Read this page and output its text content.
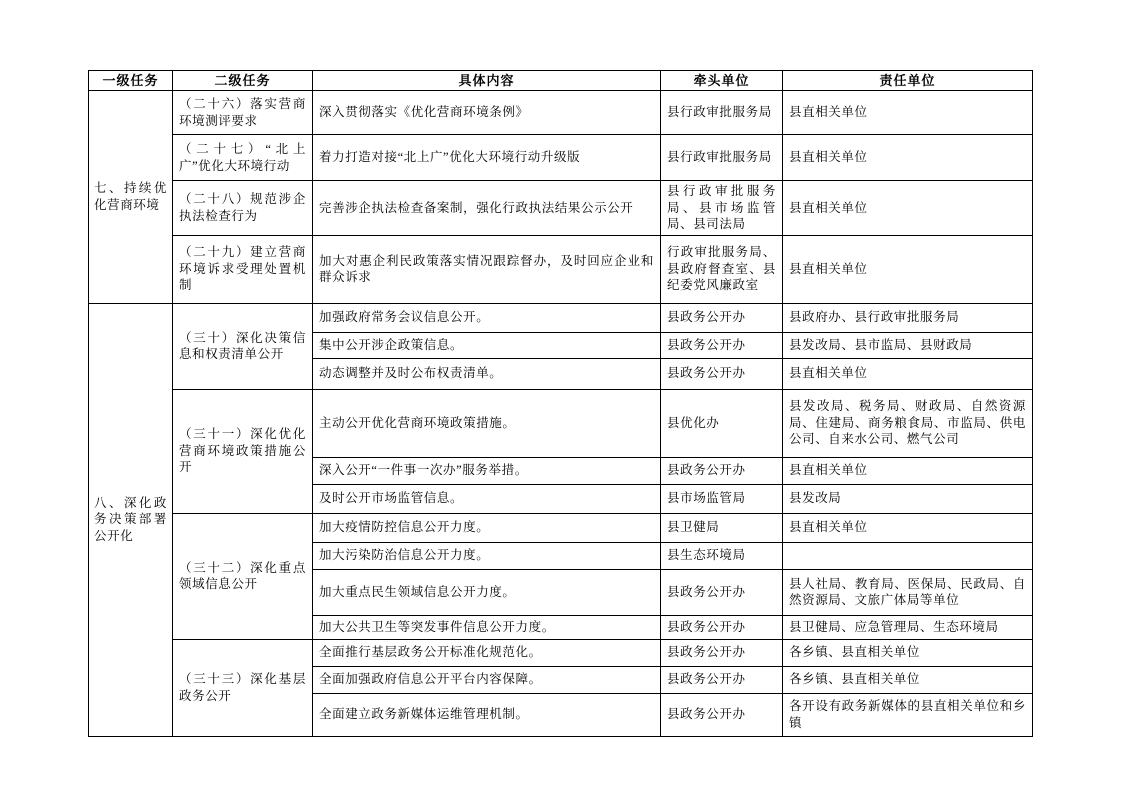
一级任务	二级任务	具体内容	牵头单位	责任单位
七、持续优化营商环境	（二十六）落实营商环境测评要求	深入贯彻落实《优化营商环境条例》	县行政审批服务局	县直相关单位
	（二十七）“北上广”优化大环境行动	着力打造对接“北上广”优化大环境行动升级版	县行政审批服务局	县直相关单位
	（二十八）规范涉企执法检查行为	完善涉企执法检查备案制，强化行政执法结果公示公开	县行政审批服务局、县市场监管局、县司法局	县直相关单位
	（二十九）建立营商环境诉求受理处置机制	加大对惠企利民政策落实情况跟踪督办，及时回应企业和群众诉求	行政审批服务局、县政府督查室、县纪委党风廉政室	县直相关单位
八、深化政务决策部署公开化	（三十）深化决策信息和权责清单公开	加强政府常务会议信息公开。	县政务公开办	县政府办、县行政审批服务局
		集中公开涉企政策信息。	县政务公开办	县发改局、县市监局、县财政局
		动态调整并及时公布权责清单。	县政务公开办	县直相关单位
	（三十一）深化优化营商环境政策措施公开	主动公开优化营商环境政策措施。	县优化办	县发改局、税务局、财政局、自然资源局、住建局、商务粮食局、市监局、供电公司、自来水公司、燃气公司
		深入公开“一件事一次办”服务举措。	县政务公开办	县直相关单位
		及时公开市场监管信息。	县市场监管局	县发改局
	（三十二）深化重点领域信息公开	加大疫情防控信息公开力度。	县卫健局	县直相关单位
		加大污染防治信息公开力度。	县生态环境局	
		加大重点民生领域信息公开力度。	县政务公开办	县人社局、教育局、医保局、民政局、自然资源局、文旅广体局等单位
		加大公共卫生等突发事件信息公开力度。	县政务公开办	县卫健局、应急管理局、生态环境局
	（三十三）深化基层政务公开	全面推行基层政务公开标准化规范化。	县政务公开办	各乡镇、县直相关单位
		全面加强政府信息公开平台内容保障。	县政务公开办	各乡镇、县直相关单位
		全面建立政务新媒体运维管理机制。	县政务公开办	各开设有政务新媒体的县直相关单位和乡镇
